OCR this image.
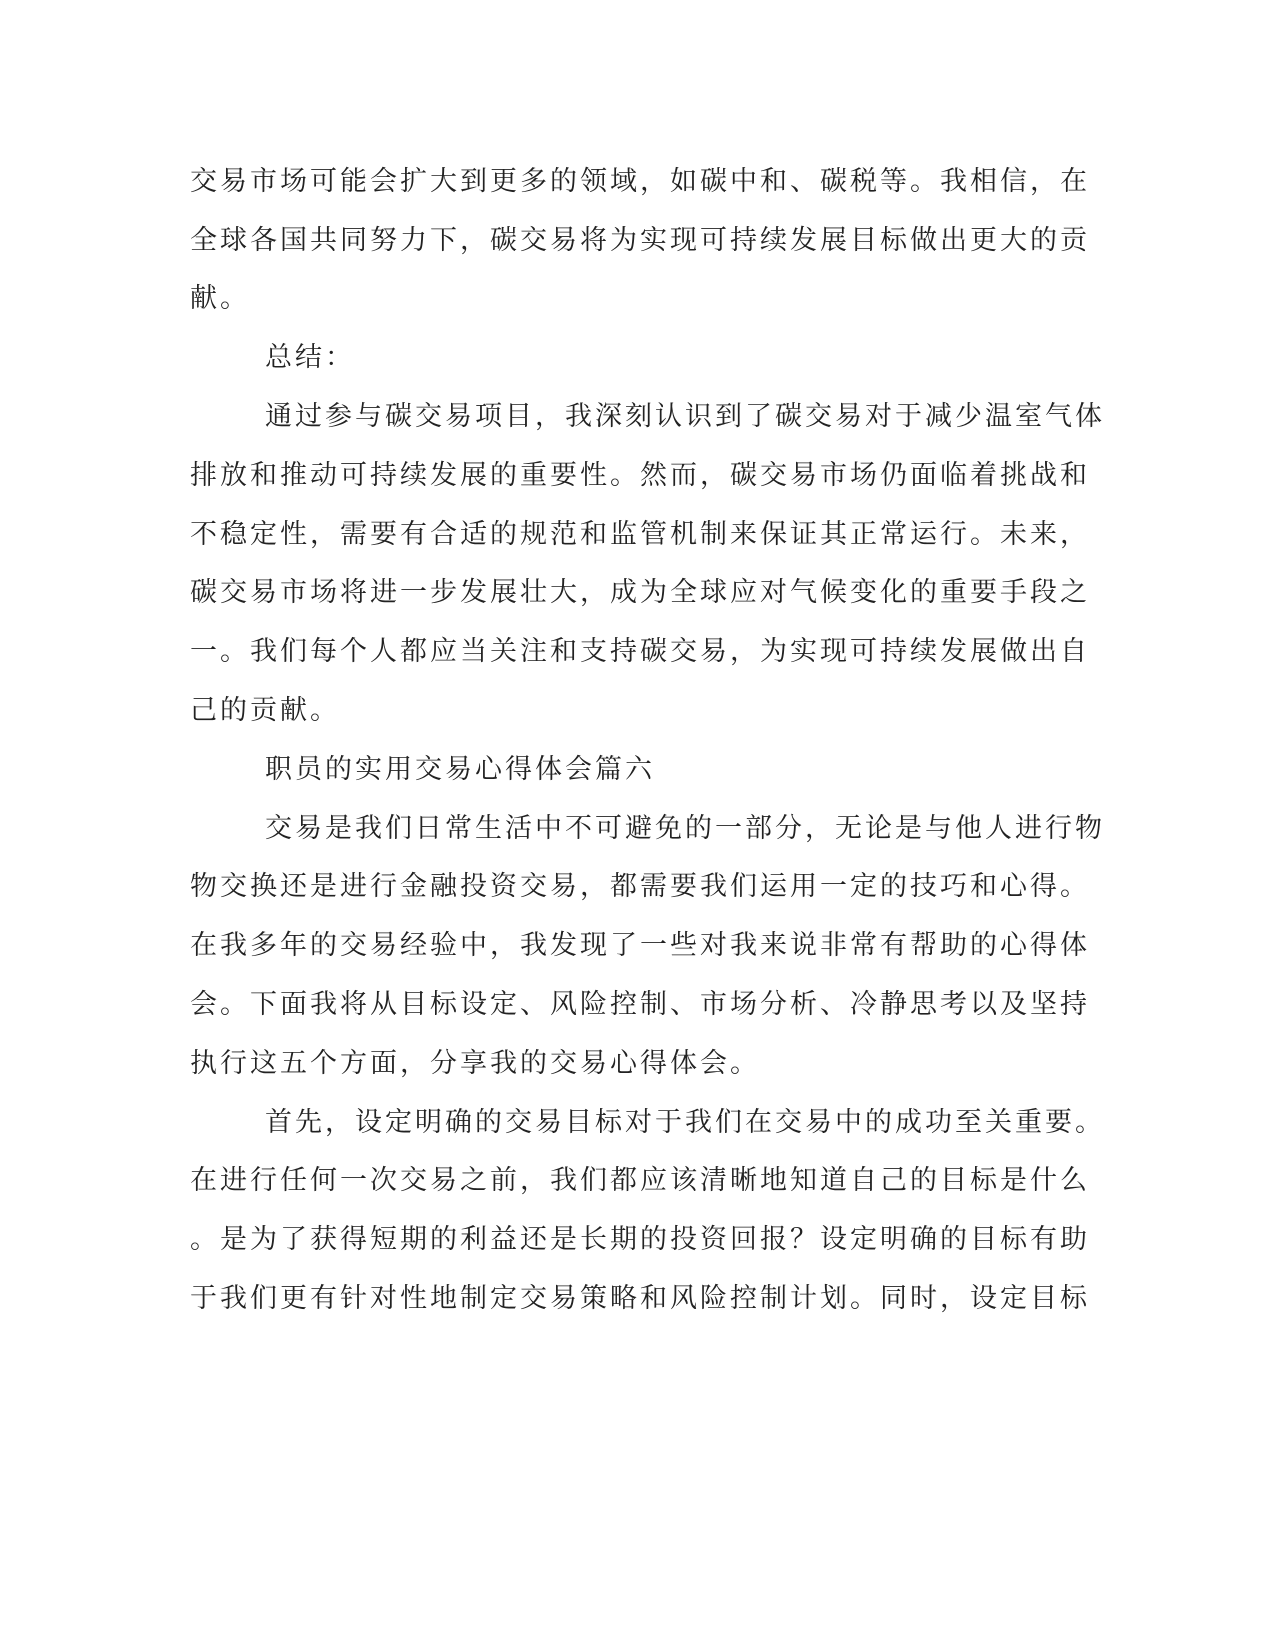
交易市场可能会扩大到更多的领域，如碳中和、碳税等。我相信，在
全球各国共同努力下，碳交易将为实现可持续发展目标做出更大的贡
献。
总结：
通过参与碳交易项目，我深刻认识到了碳交易对于减少温室气体
排放和推动可持续发展的重要性。然而，碳交易市场仍面临着挑战和
不稳定性，需要有合适的规范和监管机制来保证其正常运行。未来，
碳交易市场将进一步发展壮大，成为全球应对气候变化的重要手段之
一。我们每个人都应当关注和支持碳交易，为实现可持续发展做出自
己的贡献。
职员的实用交易心得体会篇六
交易是我们日常生活中不可避免的一部分，无论是与他人进行物
物交换还是进行金融投资交易，都需要我们运用一定的技巧和心得。
在我多年的交易经验中，我发现了一些对我来说非常有帮助的心得体
会。下面我将从目标设定、风险控制、市场分析、冷静思考以及坚持
执行这五个方面，分享我的交易心得体会。
首先，设定明确的交易目标对于我们在交易中的成功至关重要。
在进行任何一次交易之前，我们都应该清晰地知道自己的目标是什么
。是为了获得短期的利益还是长期的投资回报？设定明确的目标有助
于我们更有针对性地制定交易策略和风险控制计划。同时，设定目标
